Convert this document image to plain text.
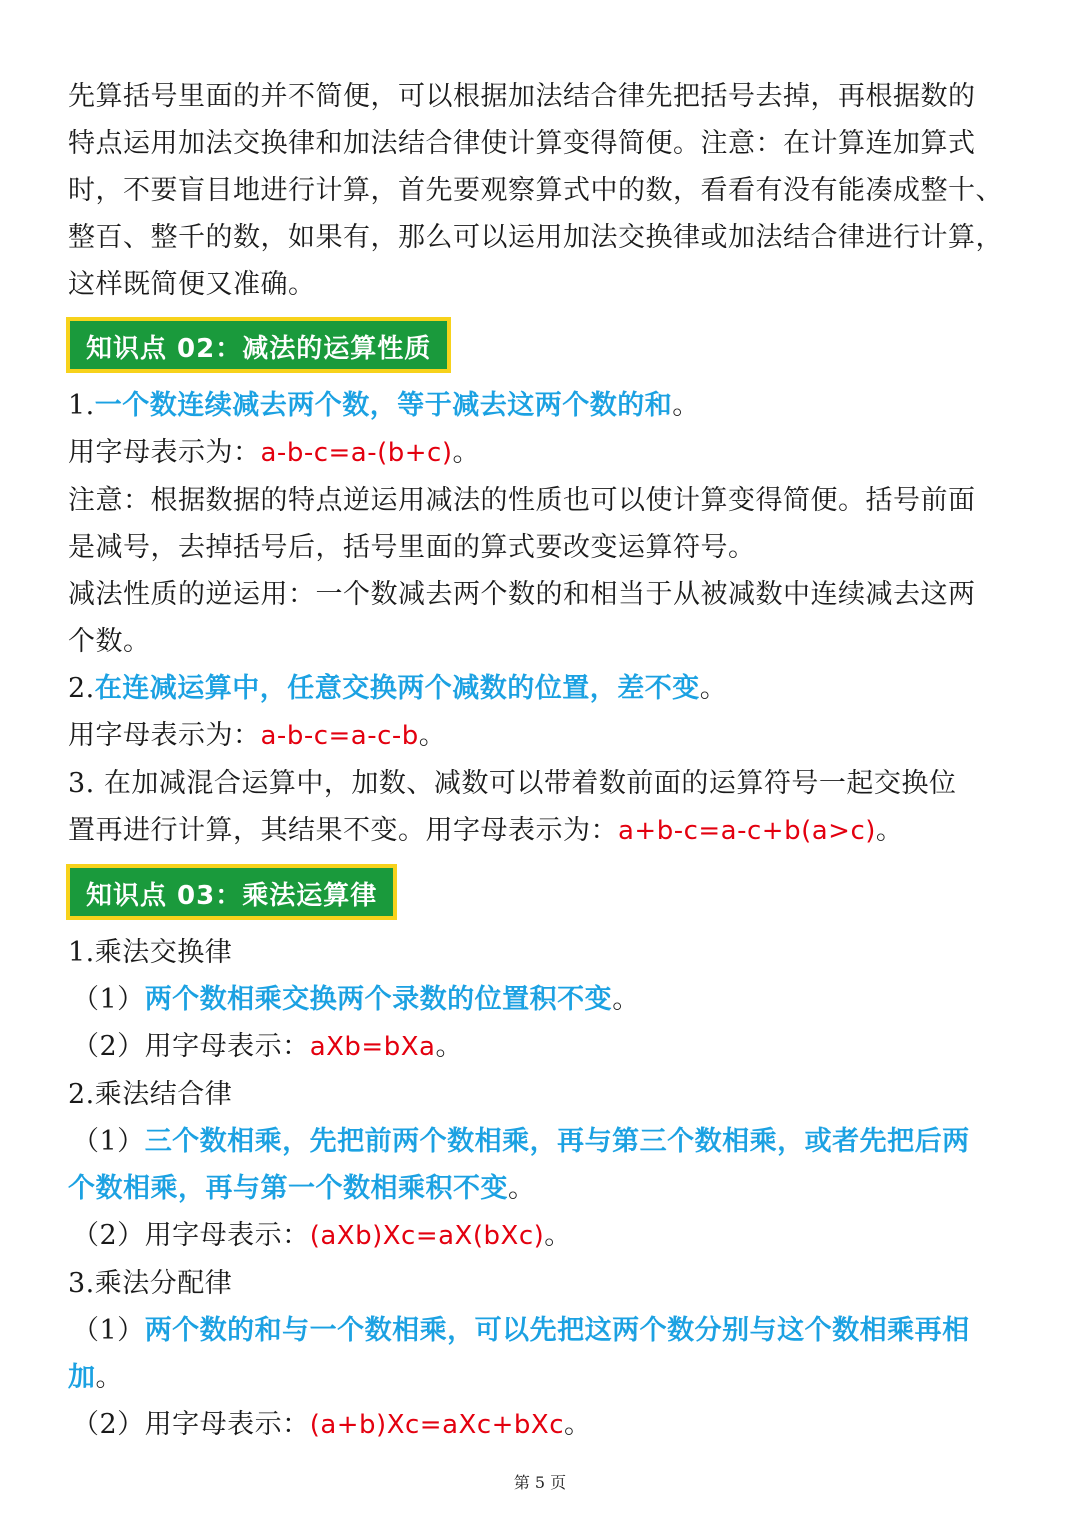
先算括号里面的并不简便，可以根据加法结合律先把括号去掉，再根据数的

特点运用加法交换律和加法结合律使计算变得简便。注意：在计算连加算式

时，不要盲目地进行计算，首先要观察算式中的数，看看有没有能凑成整十、

整百、整千的数，如果有，那么可以运用加法交换律或加法结合律进行计算，

这样既简便又准确。

知识点 02：减法的运算性质

1.一个数连续减去两个数，等于减去这两个数的和。

用字母表示为：a-b-c=a-(b+c)。

注意：根据数据的特点逆运用减法的性质也可以使计算变得简便。括号前面

是减号，去掉括号后，括号里面的算式要改变运算符号。

减法性质的逆运用：一个数减去两个数的和相当于从被减数中连续减去这两

个数。

2.在连减运算中，任意交换两个减数的位置，差不变。

用字母表示为：a-b-c=a-c-b。

3. 在加减混合运算中，加数、减数可以带着数前面的运算符号一起交换位

置再进行计算，其结果不变。用字母表示为：a+b-c=a-c+b(a>c)。

知识点 03：乘法运算律

1.乘法交换律

（1）两个数相乘交换两个录数的位置积不变。

（2）用字母表示：aXb=bXa。

2.乘法结合律

（1）三个数相乘，先把前两个数相乘，再与第三个数相乘，或者先把后两

个数相乘，再与第一个数相乘积不变。

（2）用字母表示：(aXb)Xc=aX(bXc)。

3.乘法分配律

（1）两个数的和与一个数相乘，可以先把这两个数分别与这个数相乘再相

加。

（2）用字母表示：(a+b)Xc=aXc+bXc。

第 5 页
